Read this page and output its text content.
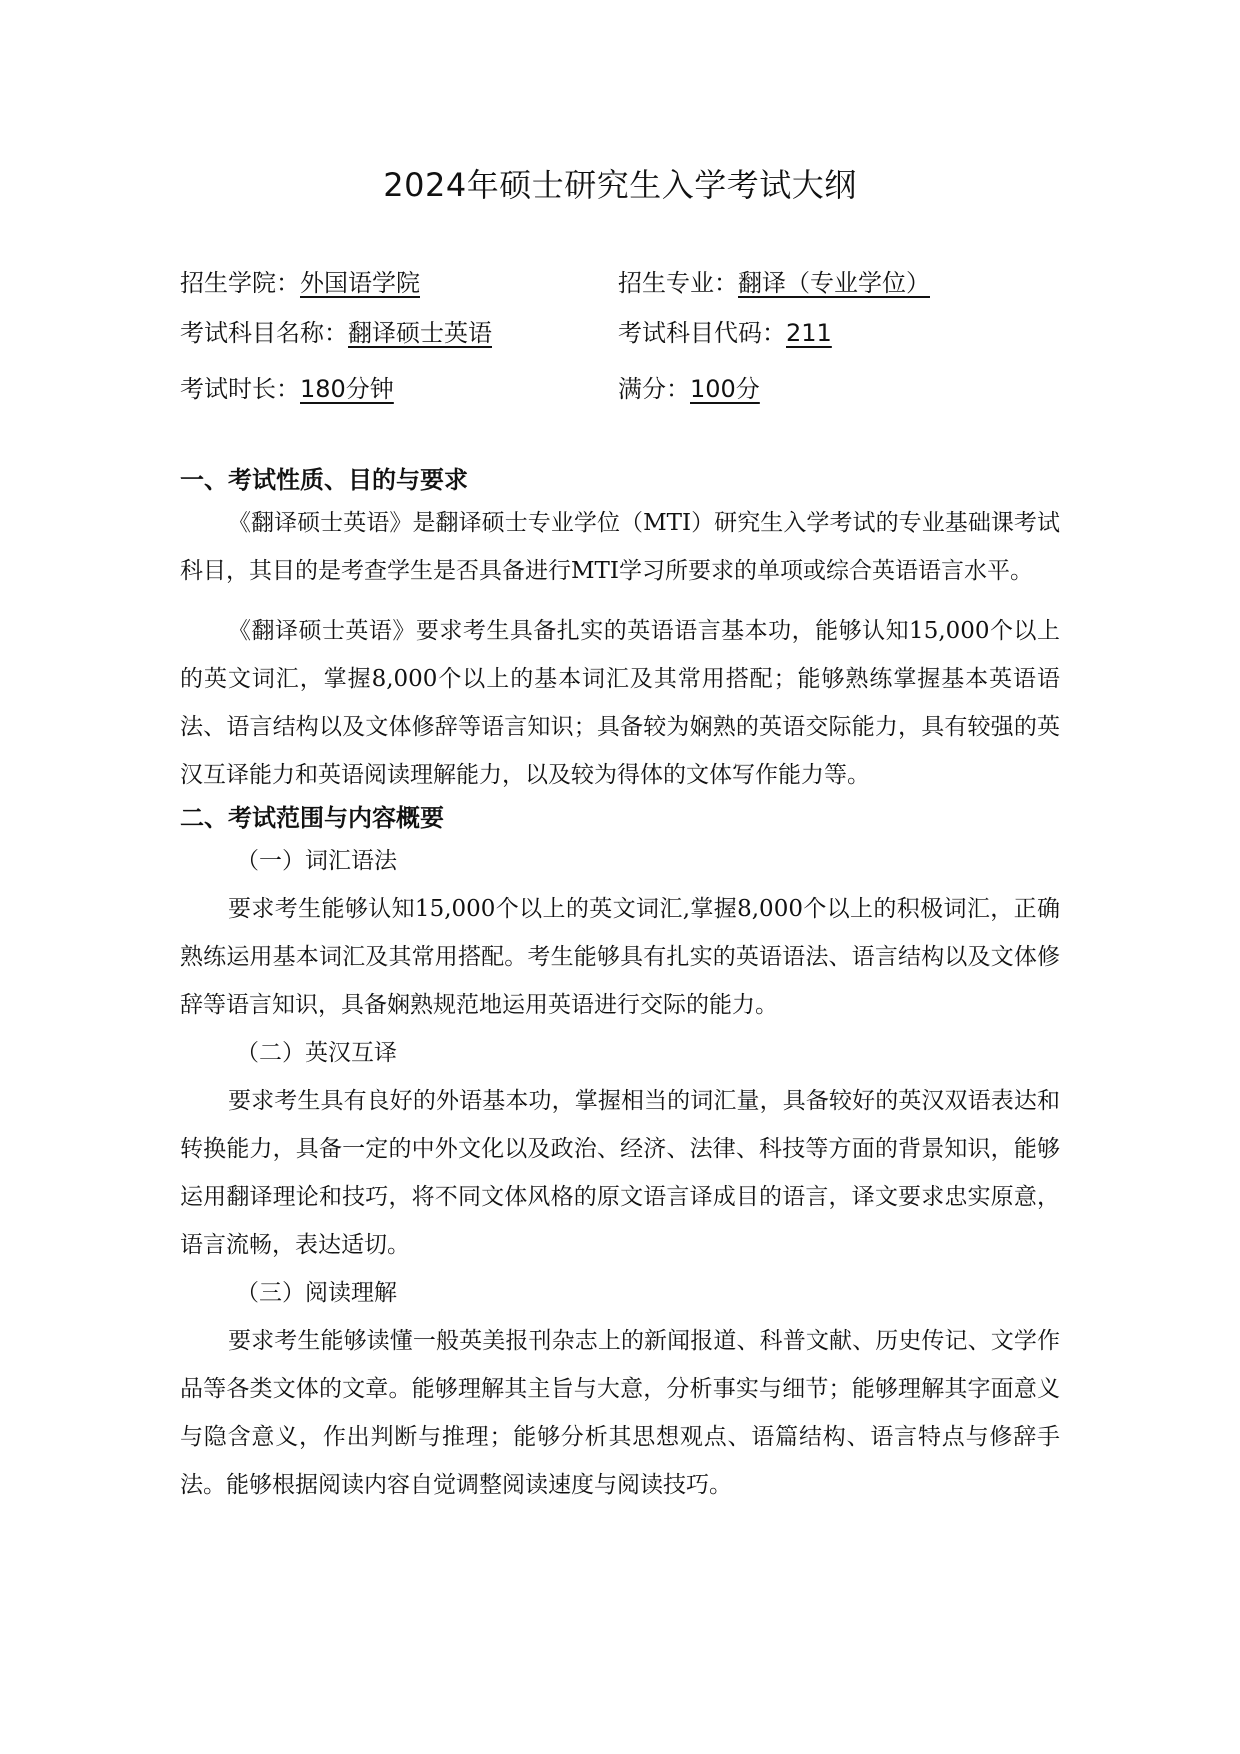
2024年硕士研究生入学考试大纲
招生学院：外国语学院	招生专业：翻译（专业学位）
考试科目名称：翻译硕士英语	考试科目代码：211
考试时长：180分钟	满分：100分
一、考试性质、目的与要求
《翻译硕士英语》是翻译硕士专业学位（MTI）研究生入学考试的专业基础课考试科目，其目的是考查学生是否具备进行MTI学习所要求的单项或综合英语语言水平。
《翻译硕士英语》要求考生具备扎实的英语语言基本功，能够认知15,000个以上的英文词汇，掌握8,000个以上的基本词汇及其常用搭配；能够熟练掌握基本英语语法、语言结构以及文体修辞等语言知识；具备较为娴熟的英语交际能力，具有较强的英汉互译能力和英语阅读理解能力，以及较为得体的文体写作能力等。
二、考试范围与内容概要
（一）词汇语法
要求考生能够认知15,000个以上的英文词汇,掌握8,000个以上的积极词汇，正确熟练运用基本词汇及其常用搭配。考生能够具有扎实的英语语法、语言结构以及文体修辞等语言知识，具备娴熟规范地运用英语进行交际的能力。
（二）英汉互译
要求考生具有良好的外语基本功，掌握相当的词汇量，具备较好的英汉双语表达和转换能力，具备一定的中外文化以及政治、经济、法律、科技等方面的背景知识，能够运用翻译理论和技巧，将不同文体风格的原文语言译成目的语言，译文要求忠实原意，语言流畅，表达适切。
（三）阅读理解
要求考生能够读懂一般英美报刊杂志上的新闻报道、科普文献、历史传记、文学作品等各类文体的文章。能够理解其主旨与大意，分析事实与细节；能够理解其字面意义与隐含意义，作出判断与推理；能够分析其思想观点、语篇结构、语言特点与修辞手法。能够根据阅读内容自觉调整阅读速度与阅读技巧。
